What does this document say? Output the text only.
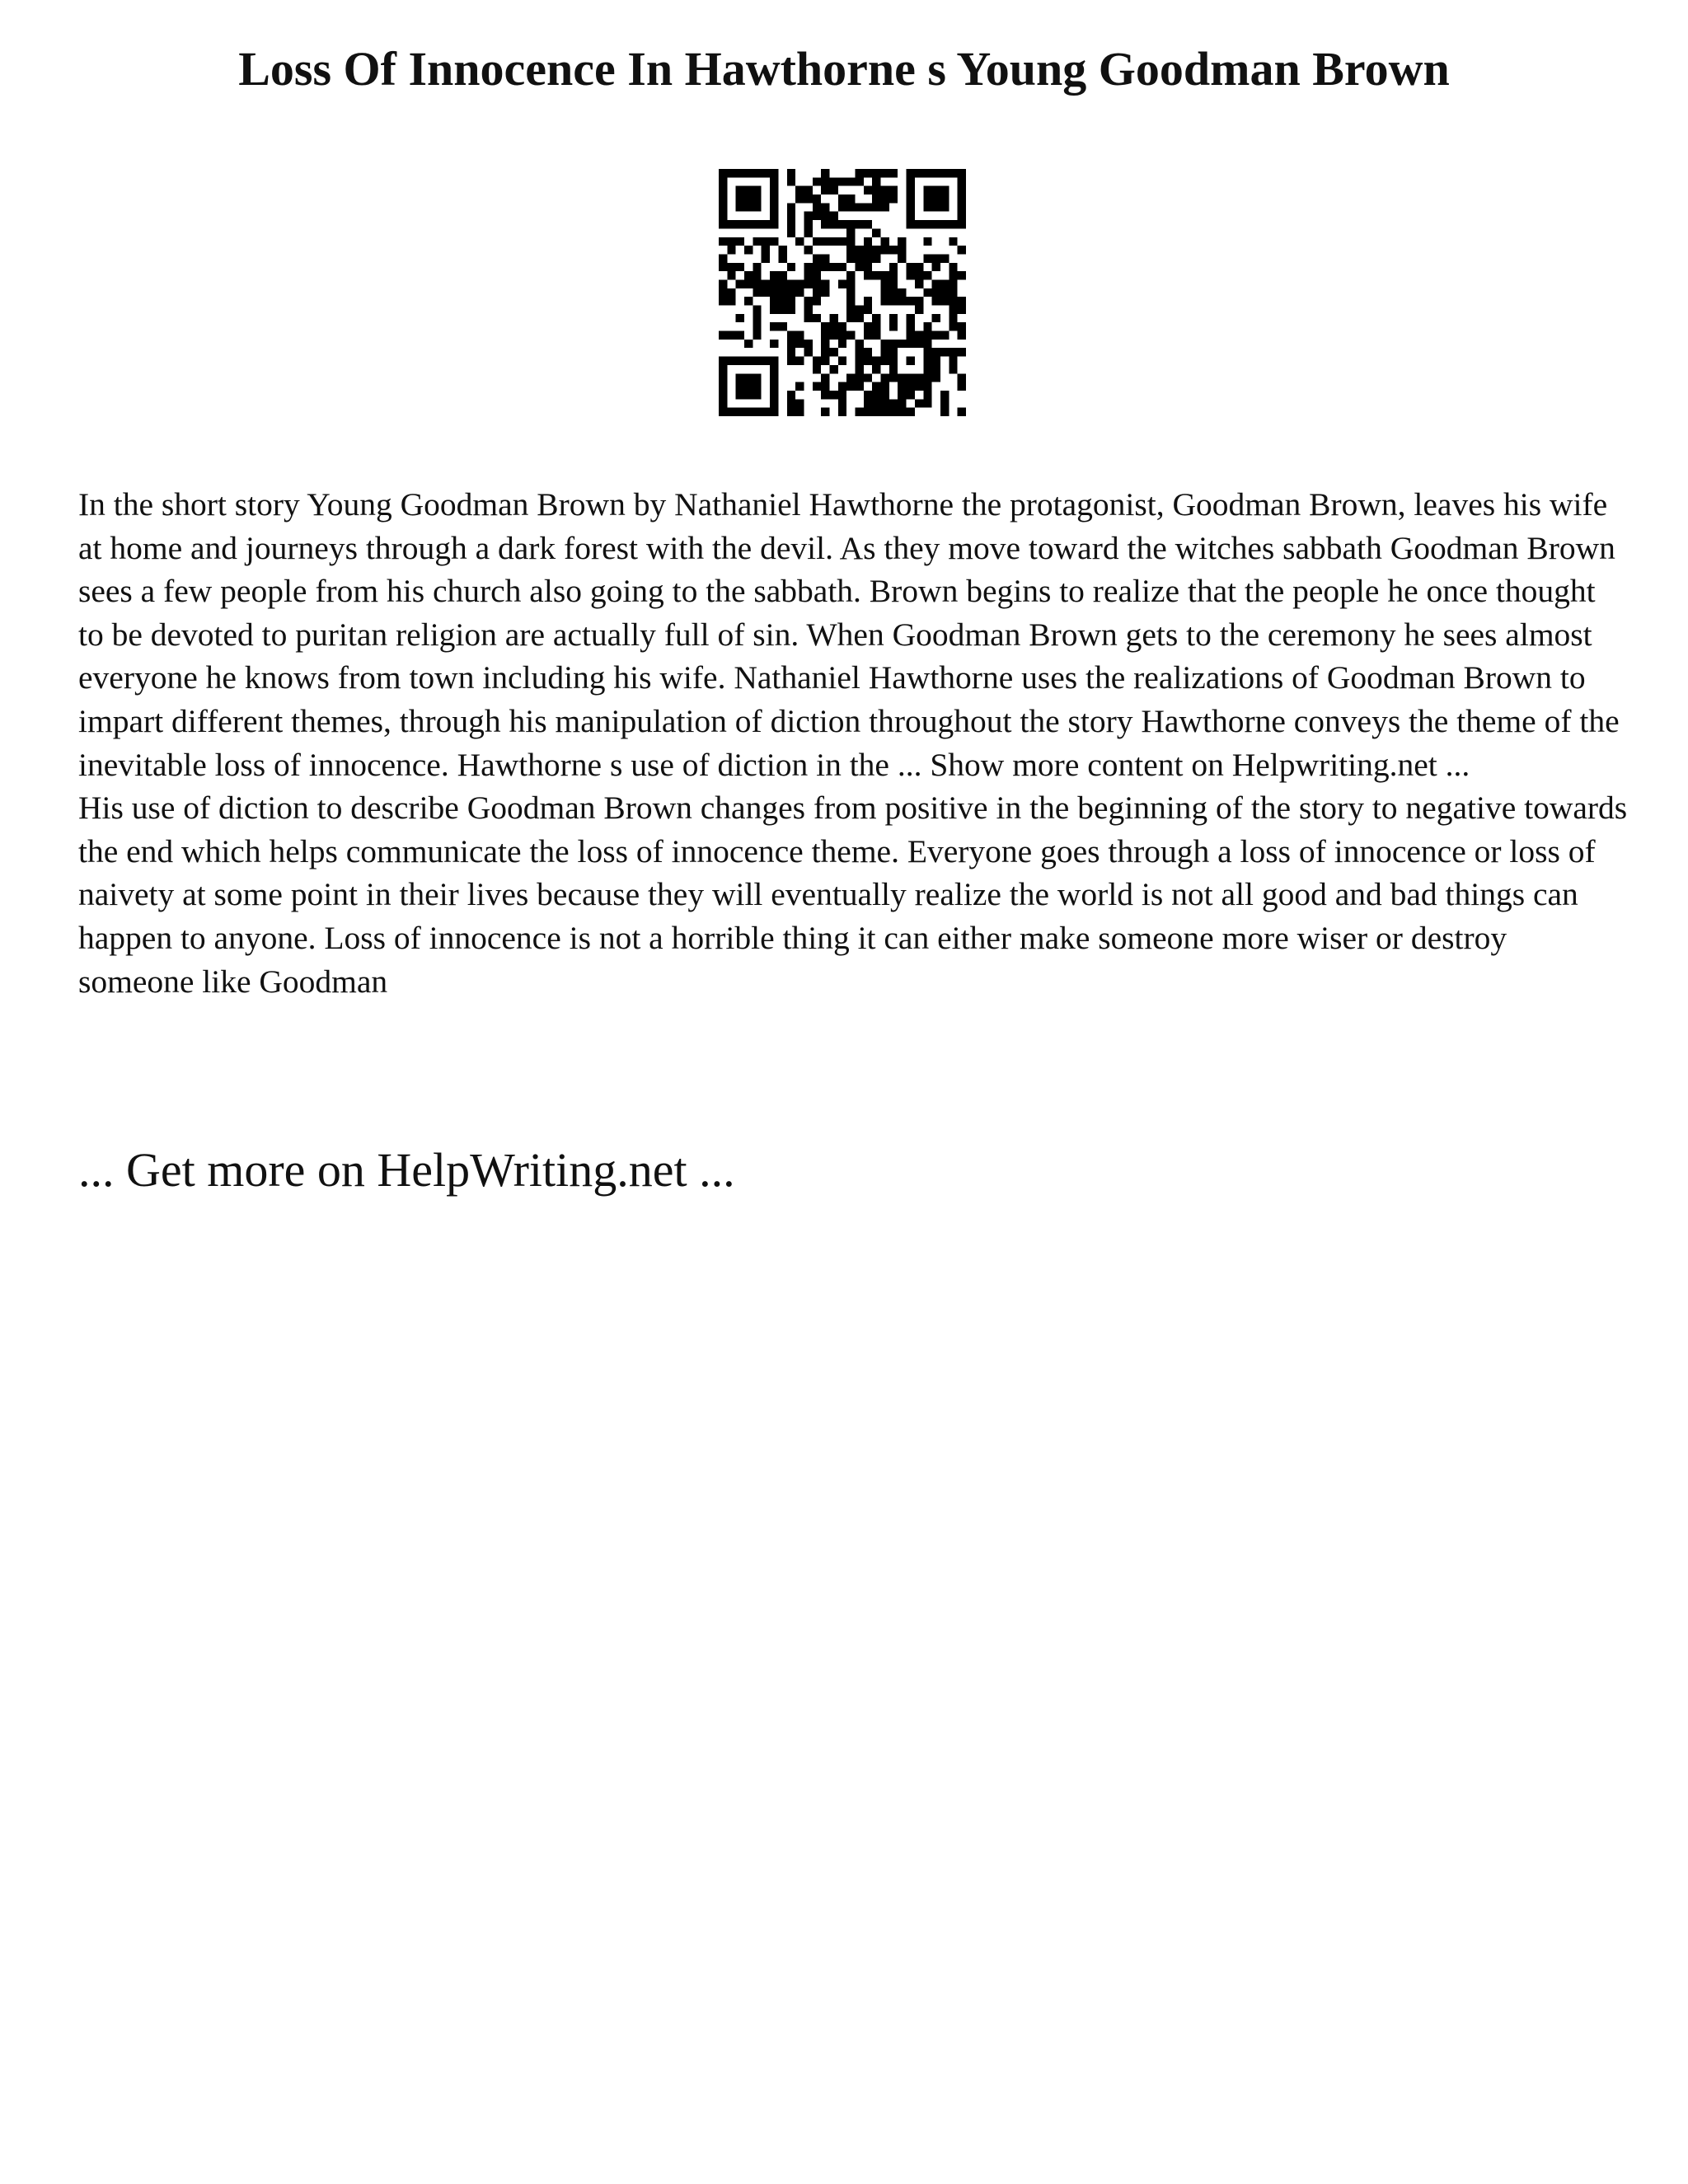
Loss Of Innocence In Hawthorne s Young Goodman Brown

In the short story Young Goodman Brown by Nathaniel Hawthorne the protagonist, Goodman Brown, leaves his wife at home and journeys through a dark forest with the devil. As they move toward the witches sabbath Goodman Brown sees a few people from his church also going to the sabbath. Brown begins to realize that the people he once thought to be devoted to puritan religion are actually full of sin. When Goodman Brown gets to the ceremony he sees almost everyone he knows from town including his wife. Nathaniel Hawthorne uses the realizations of Goodman Brown to impart different themes, through his manipulation of diction throughout the story Hawthorne conveys the theme of the inevitable loss of innocence. Hawthorne s use of diction in the ... Show more content on Helpwriting.net ...

His use of diction to describe Goodman Brown changes from positive in the beginning of the story to negative towards the end which helps communicate the loss of innocence theme. Everyone goes through a loss of innocence or loss of naivety at some point in their lives because they will eventually realize the world is not all good and bad things can happen to anyone. Loss of innocence is not a horrible thing it can either make someone more wiser or destroy someone like Goodman

... Get more on HelpWriting.net ...
